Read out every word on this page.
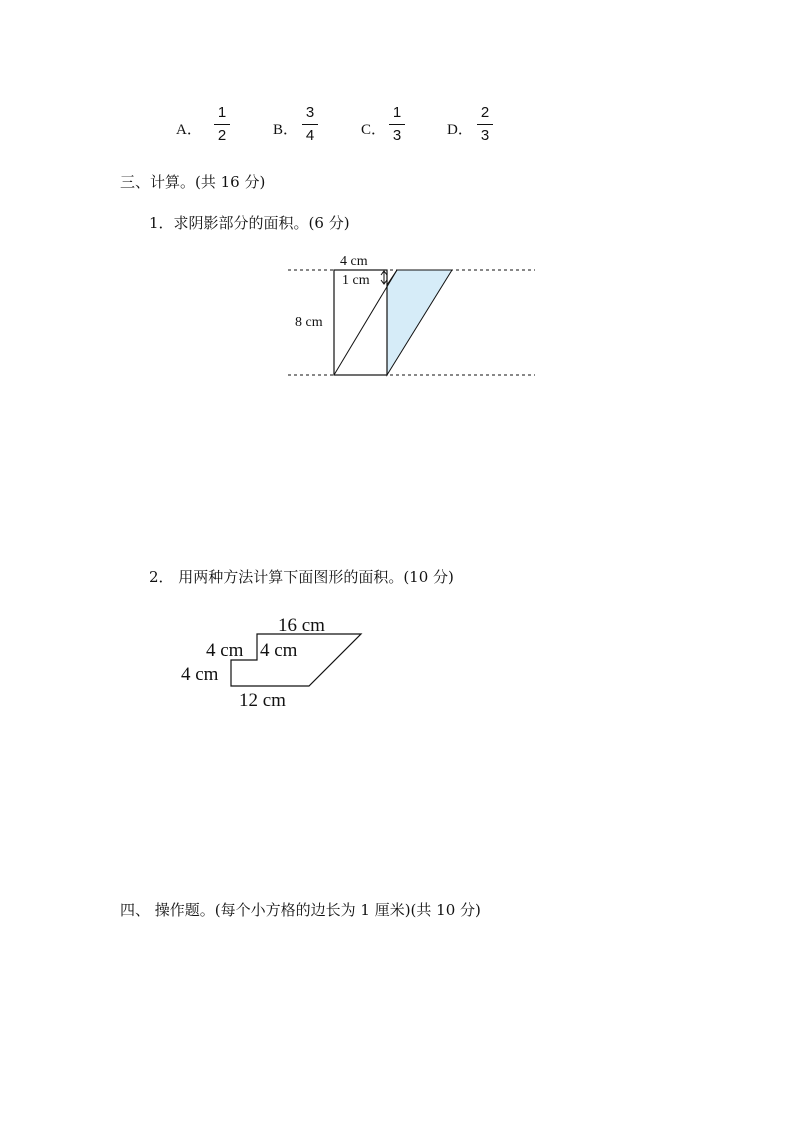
A．
1
2	B．
3
4	C．
1
3	D．
2
3
三、计算。(共 16 分)
1．求阴影部分的面积。(6 分)
4 cm
1 cm
8 cm
2． 用两种方法计算下面图形的面积。(10 分)
16 cm
4 cm 4 cm
4 cm
12 cm
四、 操作题。(每个小方格的边长为 1 厘米)(共 10 分)
